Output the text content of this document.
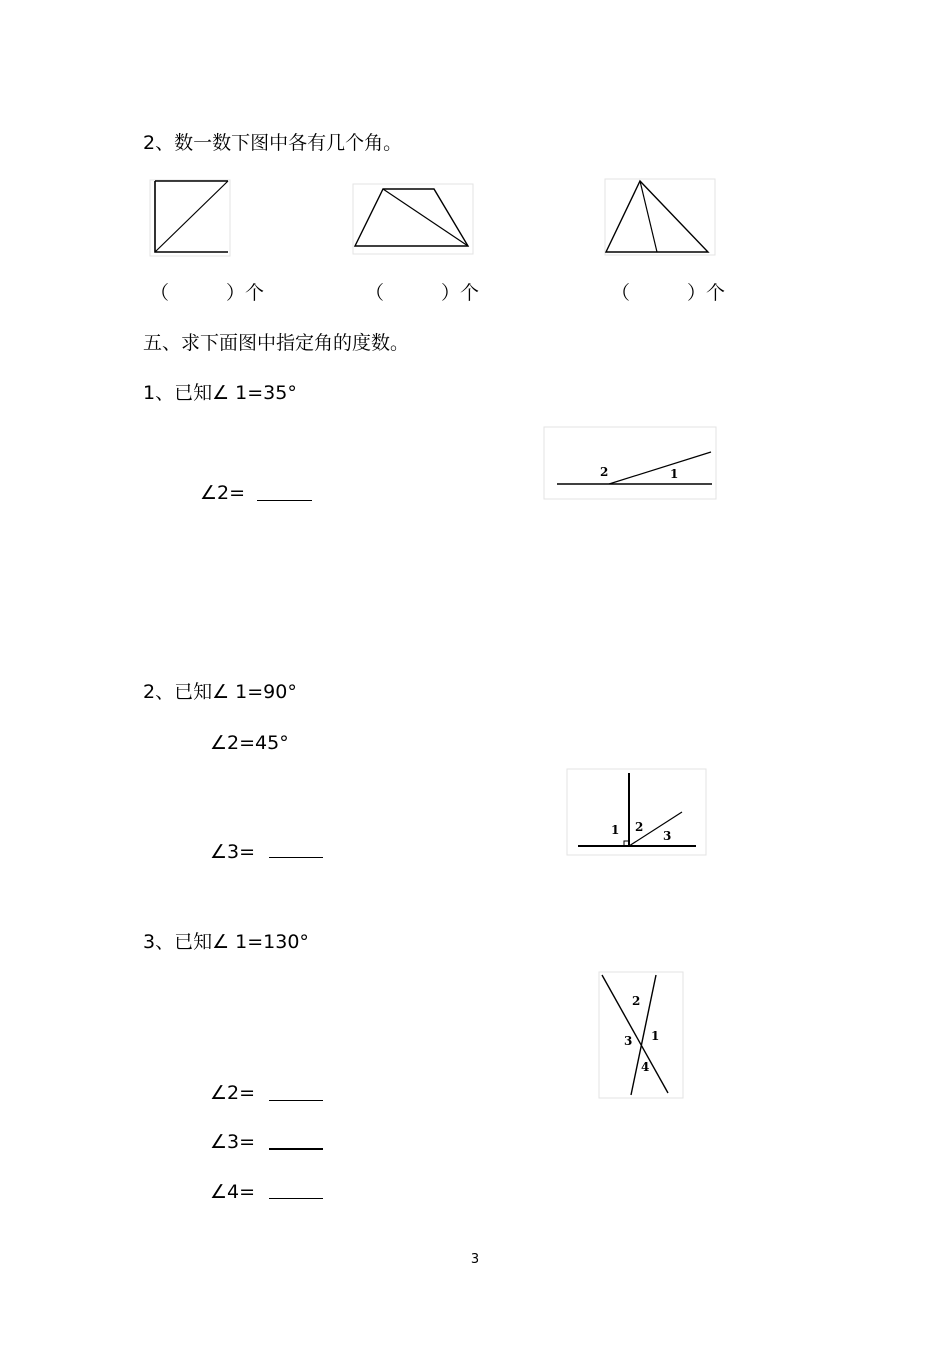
2、数一数下图中各有几个角。
（　　　）个	（　　　）个	（　　　）个
五、求下面图中指定角的度数。
1、已知∠ 1=35°
∠2=
2	1
2、已知∠ 1=90°
∠2=45°
∠3=
1 2
3
3、已知∠ 1=130°
2
3 1
4
∠2=
∠3=
∠4=
3
